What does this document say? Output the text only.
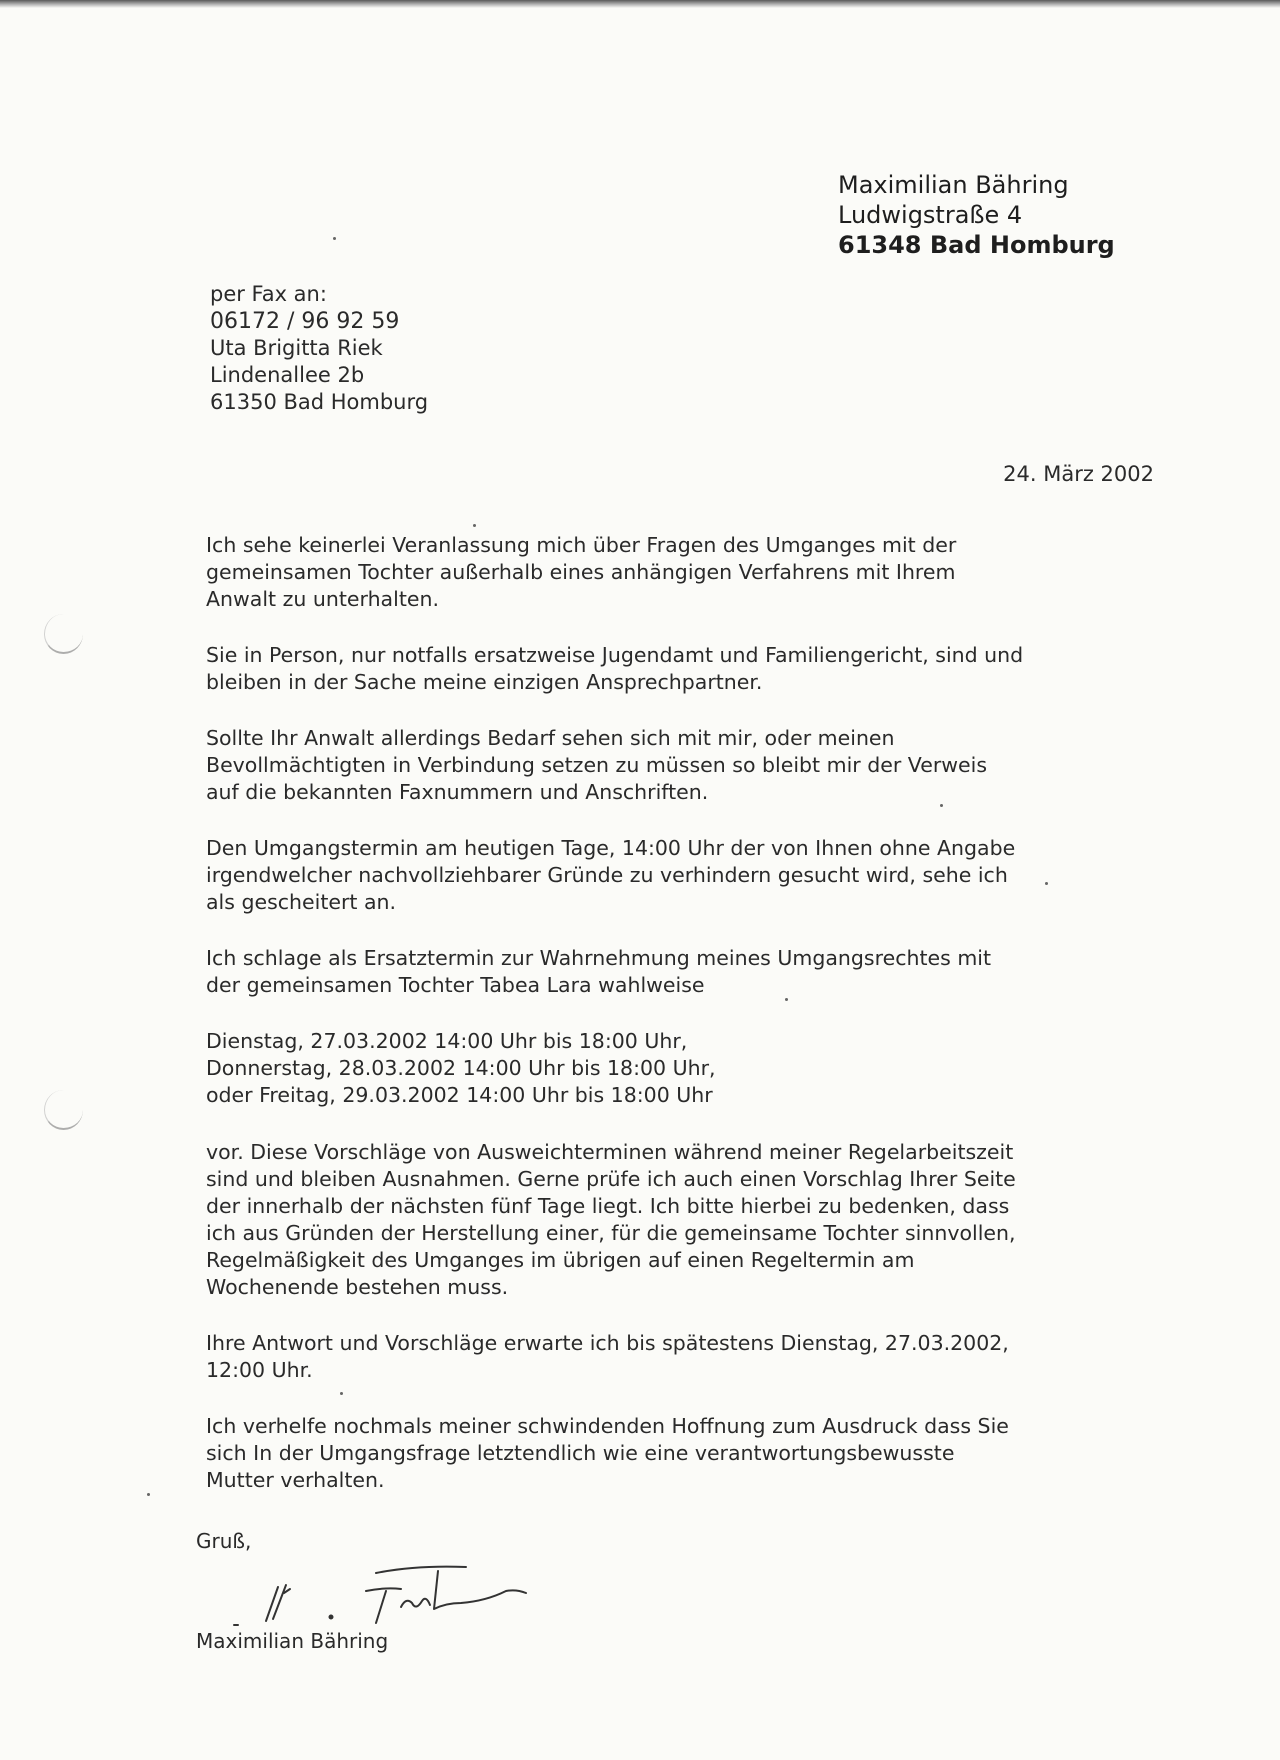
Maximilian Bähring
Ludwigstraße 4
61348 Bad Homburg
per Fax an:
06172 / 96 92 59
Uta Brigitta Riek
Lindenallee 2b
61350 Bad Homburg
24. März 2002

Ich sehe keinerlei Veranlassung mich über Fragen des Umganges mit der gemeinsamen Tochter außerhalb eines anhängigen Verfahrens mit Ihrem Anwalt zu unterhalten.

Sie in Person, nur notfalls ersatzweise Jugendamt und Familiengericht, sind und bleiben in der Sache meine einzigen Ansprechpartner.

Sollte Ihr Anwalt allerdings Bedarf sehen sich mit mir, oder meinen Bevollmächtigten in Verbindung setzen zu müssen so bleibt mir der Verweis auf die bekannten Faxnummern und Anschriften.

Den Umgangstermin am heutigen Tage, 14:00 Uhr der von Ihnen ohne Angabe irgendwelcher nachvollziehbarer Gründe zu verhindern gesucht wird, sehe ich als gescheitert an.

Ich schlage als Ersatztermin zur Wahrnehmung meines Umgangsrechtes mit der gemeinsamen Tochter Tabea Lara wahlweise

Dienstag, 27.03.2002 14:00 Uhr bis 18:00 Uhr,
Donnerstag, 28.03.2002 14:00 Uhr bis 18:00 Uhr,
oder Freitag, 29.03.2002 14:00 Uhr bis 18:00 Uhr

vor. Diese Vorschläge von Ausweichterminen während meiner Regelarbeitszeit sind und bleiben Ausnahmen. Gerne prüfe ich auch einen Vorschlag Ihrer Seite der innerhalb der nächsten fünf Tage liegt. Ich bitte hierbei zu bedenken, dass ich aus Gründen der Herstellung einer, für die gemeinsame Tochter sinnvollen, Regelmäßigkeit des Umganges im übrigen auf einen Regeltermin am Wochenende bestehen muss.

Ihre Antwort und Vorschläge erwarte ich bis spätestens Dienstag, 27.03.2002, 12:00 Uhr.

Ich verhelfe nochmals meiner schwindenden Hoffnung zum Ausdruck dass Sie sich In der Umgangsfrage letztendlich wie eine verantwortungsbewusste Mutter verhalten.

Gruß,
Maximilian Bähring
